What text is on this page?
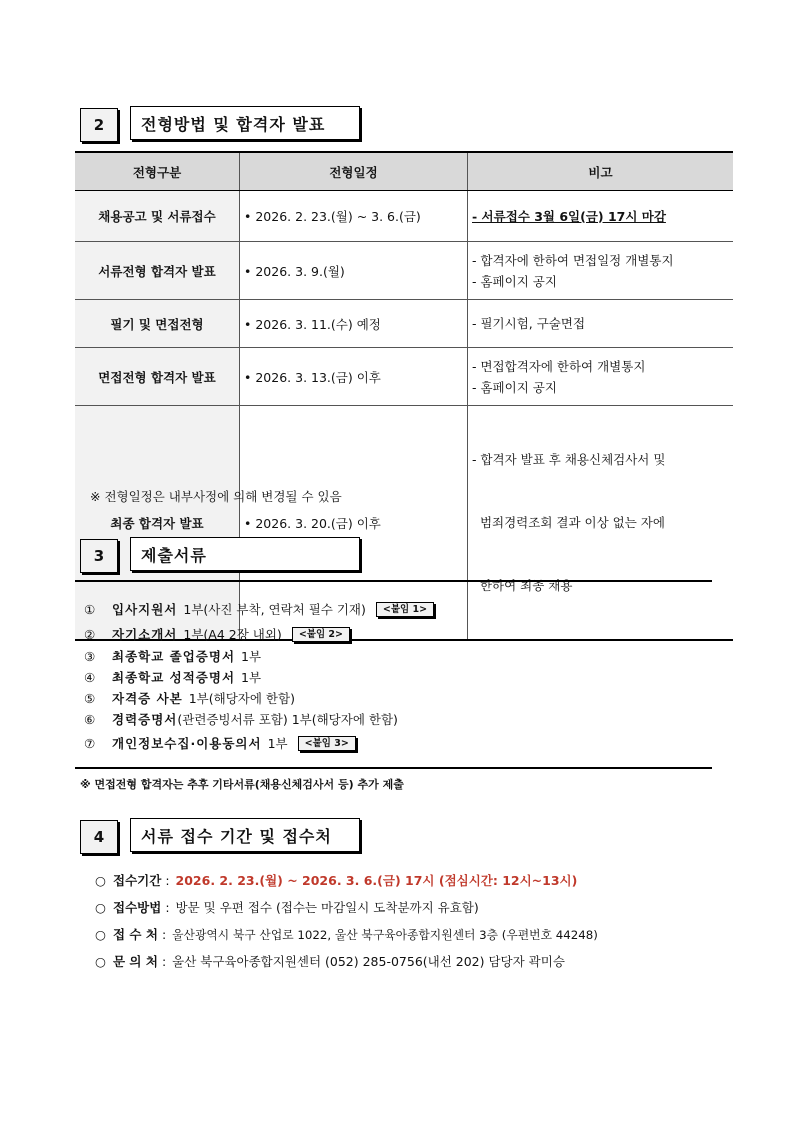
2	전형방법 및 합격자 발표
전형구분	전형일정	비고
채용공고 및 서류접수	• 2026. 2. 23.(월) ~ 3. 6.(금)	- 서류접수 3월 6일(금) 17시 마감
서류전형 합격자 발표	• 2026. 3. 9.(월)	- 합격자에 한하여 면접일정 개별통지
- 홈페이지 공지

필기 및 면접전형	• 2026. 3. 11.(수) 예정	- 필기시험, 구술면접

면접전형 합격자 발표	• 2026. 3. 13.(금) 이후	- 면접합격자에 한하여 개별통지
- 홈페이지 공지

최종 합격자 발표	• 2026. 3. 20.(금) 이후	- 합격자 발표 후 채용신체검사서 및

범죄경력조회 결과 이상 없는 자에

한하여 최종 채용

※ 전형일정은 내부사정에 의해 변경될 수 있음
3	제출서류
①	입사지원서 1부(사진 부착, 연락처 필수 기재)	<붙임 1>
②	자기소개서 1부(A4 2장 내외)	<붙임 2>
③	최종학교 졸업증명서 1부
④	최종학교 성적증명서 1부
⑤	자격증 사본 1부(해당자에 한함)
⑥	경력증명서 (관련증빙서류 포함) 1부(해당자에 한함)
⑦	개인정보수집·이용동의서 1부	<붙임 3>
※ 면접전형 합격자는 추후 기타서류(채용신체검사서 등) 추가 제출
4	서류 접수 기간 및 접수처
○ 접수기간 : 2026. 2. 23.(월) ~ 2026. 3. 6.(금) 17시 (점심시간: 12시~13시)
○ 접수방법 : 방문 및 우편 접수 (접수는 마감일시 도착분까지 유효함)
○ 접 수 처 : 울산광역시 북구 산업로 1022, 울산 북구육아종합지원센터 3층 (우편번호 44248)
○ 문 의 처 : 울산 북구육아종합지원센터 (052) 285-0756(내선 202) 담당자 곽미승
